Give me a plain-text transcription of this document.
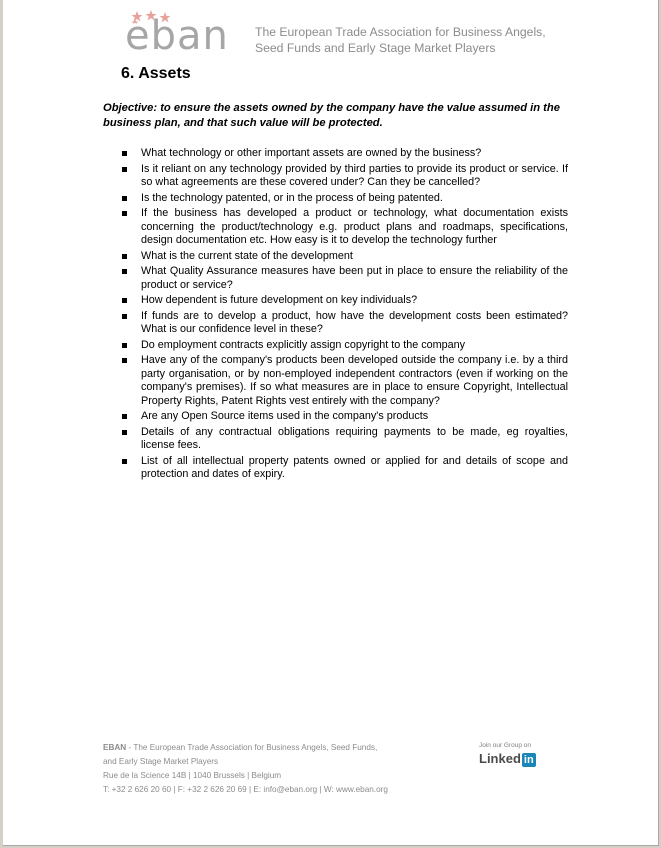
eban The European Trade Association for Business Angels,
Seed Funds and Early Stage Market Players
6. Assets
Objective: to ensure the assets owned by the company have the value assumed in the business plan, and that such value will be protected.
What technology or other important assets are owned by the business?
Is it reliant on any technology provided by third parties to provide its product or service. If so what agreements are these covered under? Can they be cancelled?
Is the technology patented, or in the process of being patented.
If the business has developed a product or technology, what documentation exists concerning the product/technology e.g. product plans and roadmaps, specifications, design documentation etc. How easy is it to develop the technology further
What is the current state of the development
What Quality Assurance measures have been put in place to ensure the reliability of the product or service?
How dependent is future development on key individuals?
If funds are to develop a product, how have the development costs been estimated? What is our confidence level in these?
Do employment contracts explicitly assign copyright to the company
Have any of the company's products been developed outside the company i.e. by a third party organisation, or by non-employed independent contractors (even if working on the company's premises). If so what measures are in place to ensure Copyright, Intellectual Property Rights, Patent Rights vest entirely with the company?
Are any Open Source items used in the company's products
Details of any contractual obligations requiring payments to be made, eg royalties, license fees.
List of all intellectual property patents owned or applied for and details of scope and protection and dates of expiry.
EBAN - The European Trade Association for Business Angels, Seed Funds,
and Early Stage Market Players
Rue de la Science 14B | 1040 Brussels | Belgium
T: +32 2 626 20 60 | F: +32 2 626 20 69 | E: info@eban.org | W: www.eban.org
Join our Group on
Linked in
